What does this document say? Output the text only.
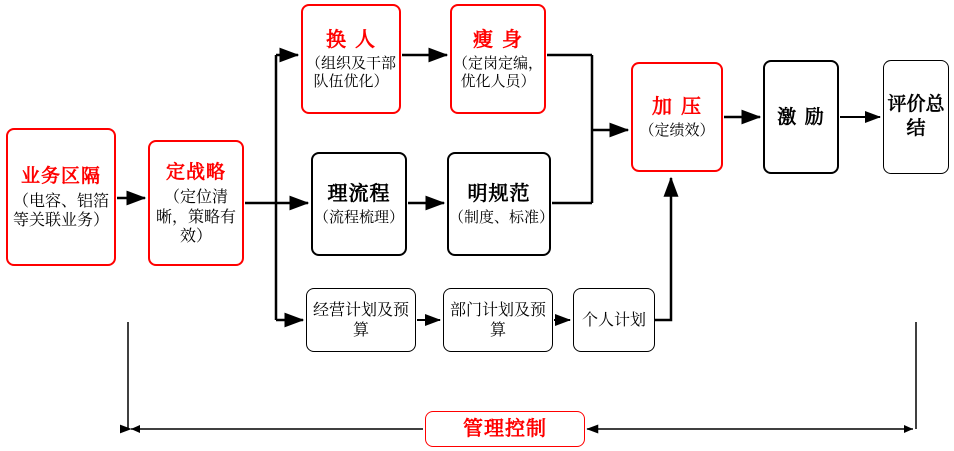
业务区隔
（电容、铝箔等关联业务）
定战略
（定位清晰，策略有效）
换 人
（组织及干部队伍优化）
瘦 身
（定岗定编，优化人员）
理流程
（流程梳理）
明规范
（制度、标准）
加 压
（定绩效）
激 励
评价总结
经营计划及预算
部门计划及预算
个人计划
管理控制
